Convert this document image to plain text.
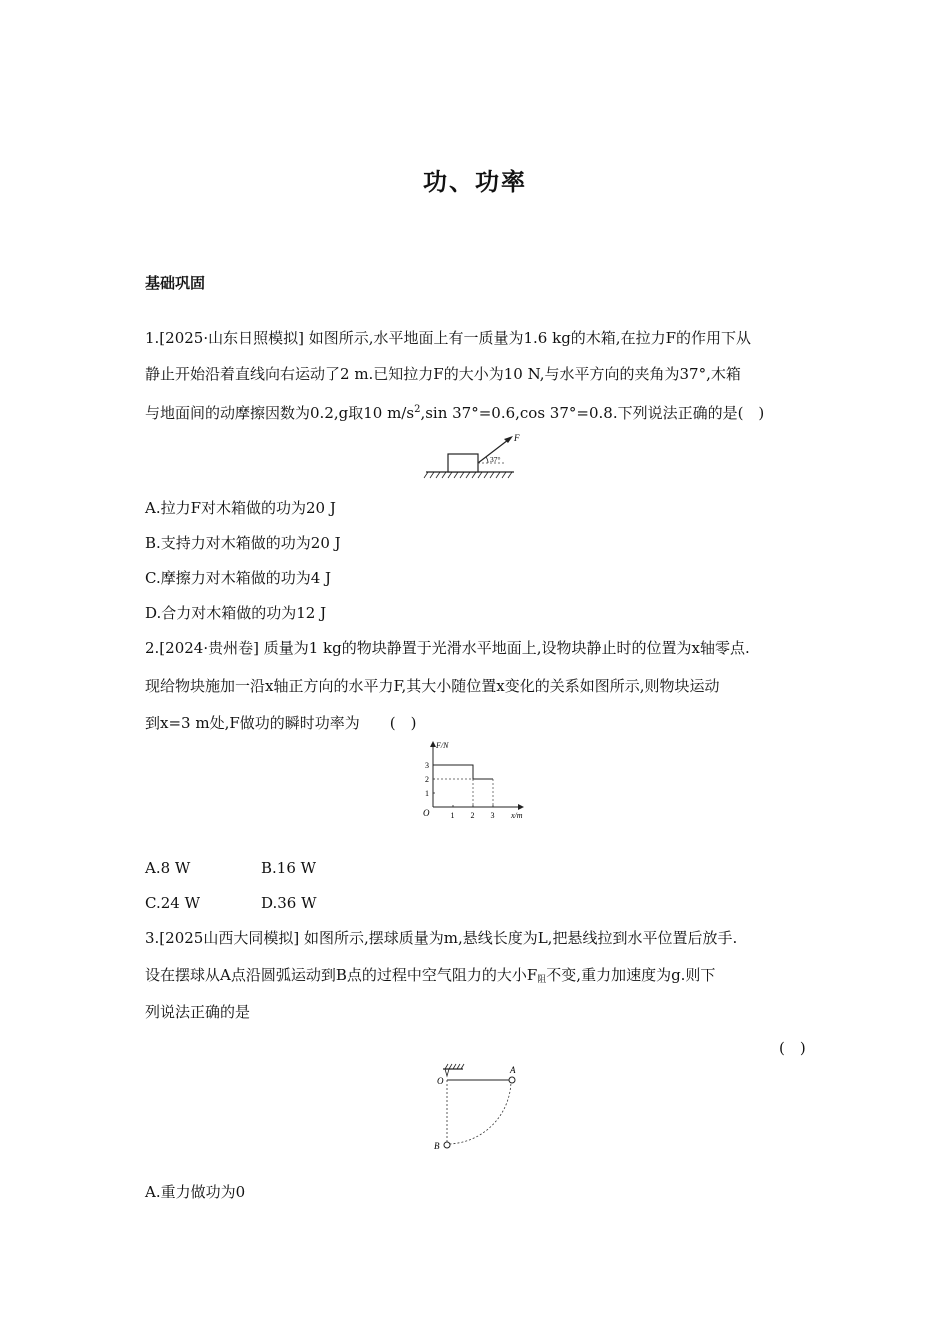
功、功率
基础巩固
1.[2025·山东日照模拟] 如图所示,水平地面上有一质量为1.6 kg的木箱,在拉力F的作用下从
静止开始沿着直线向右运动了2 m.已知拉力F的大小为10 N,与水平方向的夹角为37°,木箱
与地面间的动摩擦因数为0.2,g取10 $m/s^2,\sin$ 37°=0.6,cos 37°=0.8.下列说法正确的是(　)
F
37°
A.拉力F对木箱做的功为20 J
B.支持力对木箱做的功为20 J
C.摩擦力对木箱做的功为4 J
D.合力对木箱做的功为12 J
2.[2024·贵州卷] 质量为1 kg的物块静置于光滑水平地面上,设物块静止时的位置为x轴零点.
现给物块施加一沿x轴正方向的水平力F,其大小随位置x变化的关系如图所示,则物块运动
到x=3 m处,F做功的瞬时功率为　　(　)
F/N
x/m
O	1 2 3
1
2
3
A.8 W	B.16 W
C.24 W	D.36 W
3.[2025山西大同模拟] 如图所示,摆球质量为m,悬线长度为L,把悬线拉到水平位置后放手.
设在摆球从A点沿圆弧运动到B点的过程中空气阻力的大小$F_阻$不变,重力加速度为g.则下
列说法正确的是
(　)
O
A
B
A.重力做功为0
